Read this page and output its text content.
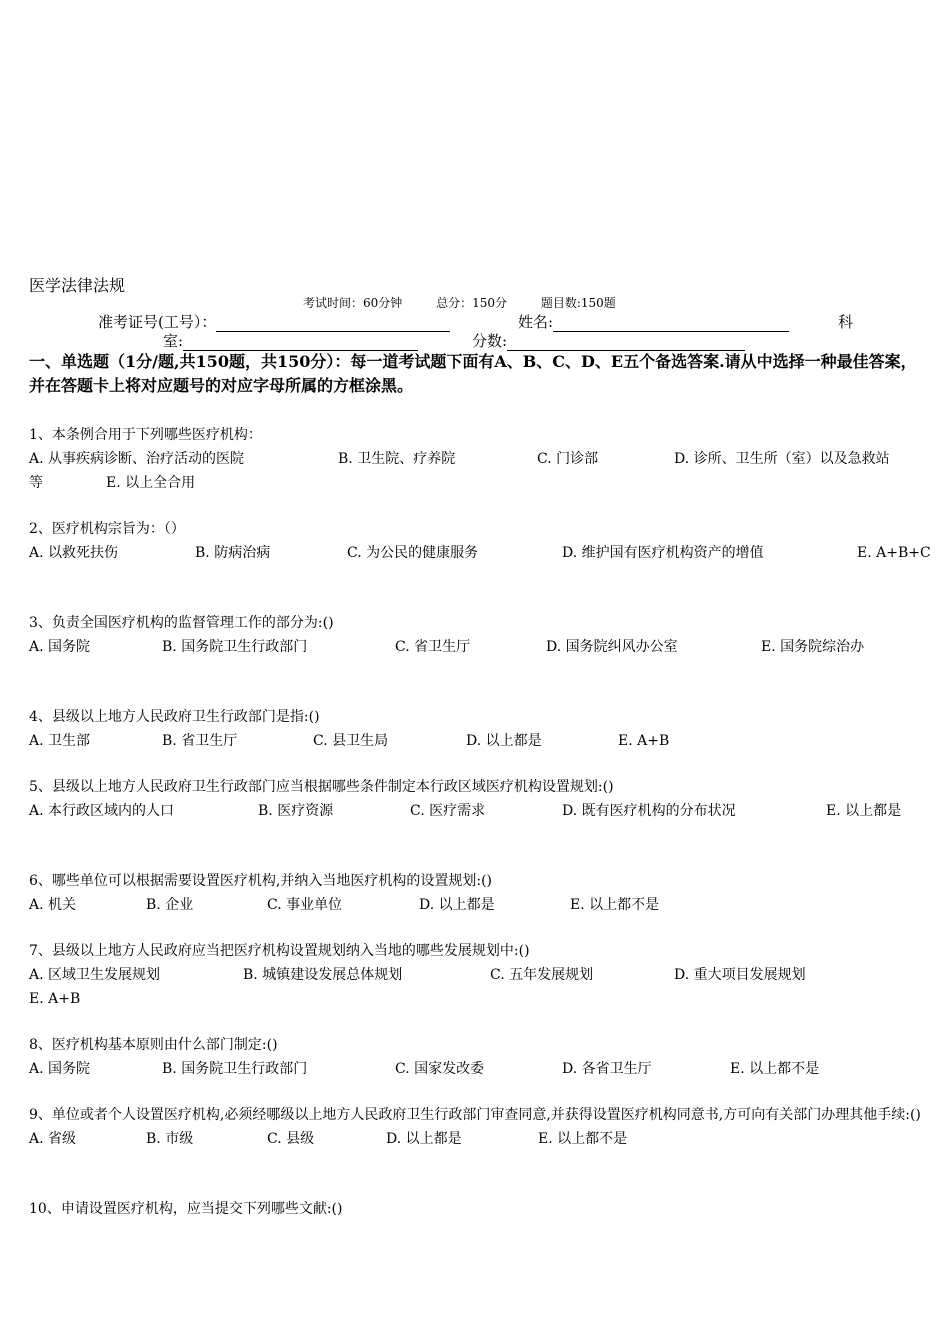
医学法律法规
考试时间：60分钟	总分：150分	题目数:150题
准考证号(工号）：	姓名:	科
室:	分数:
一、单选题（1分/题,共150题，共150分）：每一道考试题下面有A、B、C、D、E五个备选答案.请从中选择一种最佳答案，并在答题卡上将对应题号的对应字母所属的方框涂黑。
1、本条例合用于下列哪些医疗机构：
A. 从事疾病诊断、治疗活动的医院	B. 卫生院、疗养院	C. 门诊部	D. 诊所、卫生所（室）以及急救站
等	E. 以上全合用
2、医疗机构宗旨为：（）
A. 以救死扶伤	B. 防病治病	C. 为公民的健康服务	D. 维护国有医疗机构资产的增值	E. A+B+C
3、负责全国医疗机构的监督管理工作的部分为:()
A. 国务院	B. 国务院卫生行政部门	C. 省卫生厅	D. 国务院纠风办公室	E. 国务院综治办
4、县级以上地方人民政府卫生行政部门是指:()
A. 卫生部	B. 省卫生厅	C. 县卫生局	D. 以上都是	E. A+B
5、县级以上地方人民政府卫生行政部门应当根据哪些条件制定本行政区域医疗机构设置规划:()
A. 本行政区域内的人口	B. 医疗资源	C. 医疗需求	D. 既有医疗机构的分布状况	E. 以上都是
6、哪些单位可以根据需要设置医疗机构,并纳入当地医疗机构的设置规划:()
A. 机关	B. 企业	C. 事业单位	D. 以上都是	E. 以上都不是
7、县级以上地方人民政府应当把医疗机构设置规划纳入当地的哪些发展规划中:()
A. 区域卫生发展规划	B. 城镇建设发展总体规划	C. 五年发展规划	D. 重大项目发展规划
E. A+B
8、医疗机构基本原则由什么部门制定:()
A. 国务院	B. 国务院卫生行政部门	C. 国家发改委	D. 各省卫生厅	E. 以上都不是
9、单位或者个人设置医疗机构,必须经哪级以上地方人民政府卫生行政部门审查同意,并获得设置医疗机构同意书,方可向有关部门办理其他手续:()
A. 省级	B. 市级	C. 县级	D. 以上都是	E. 以上都不是
10、申请设置医疗机构，应当提交下列哪些文献:()
